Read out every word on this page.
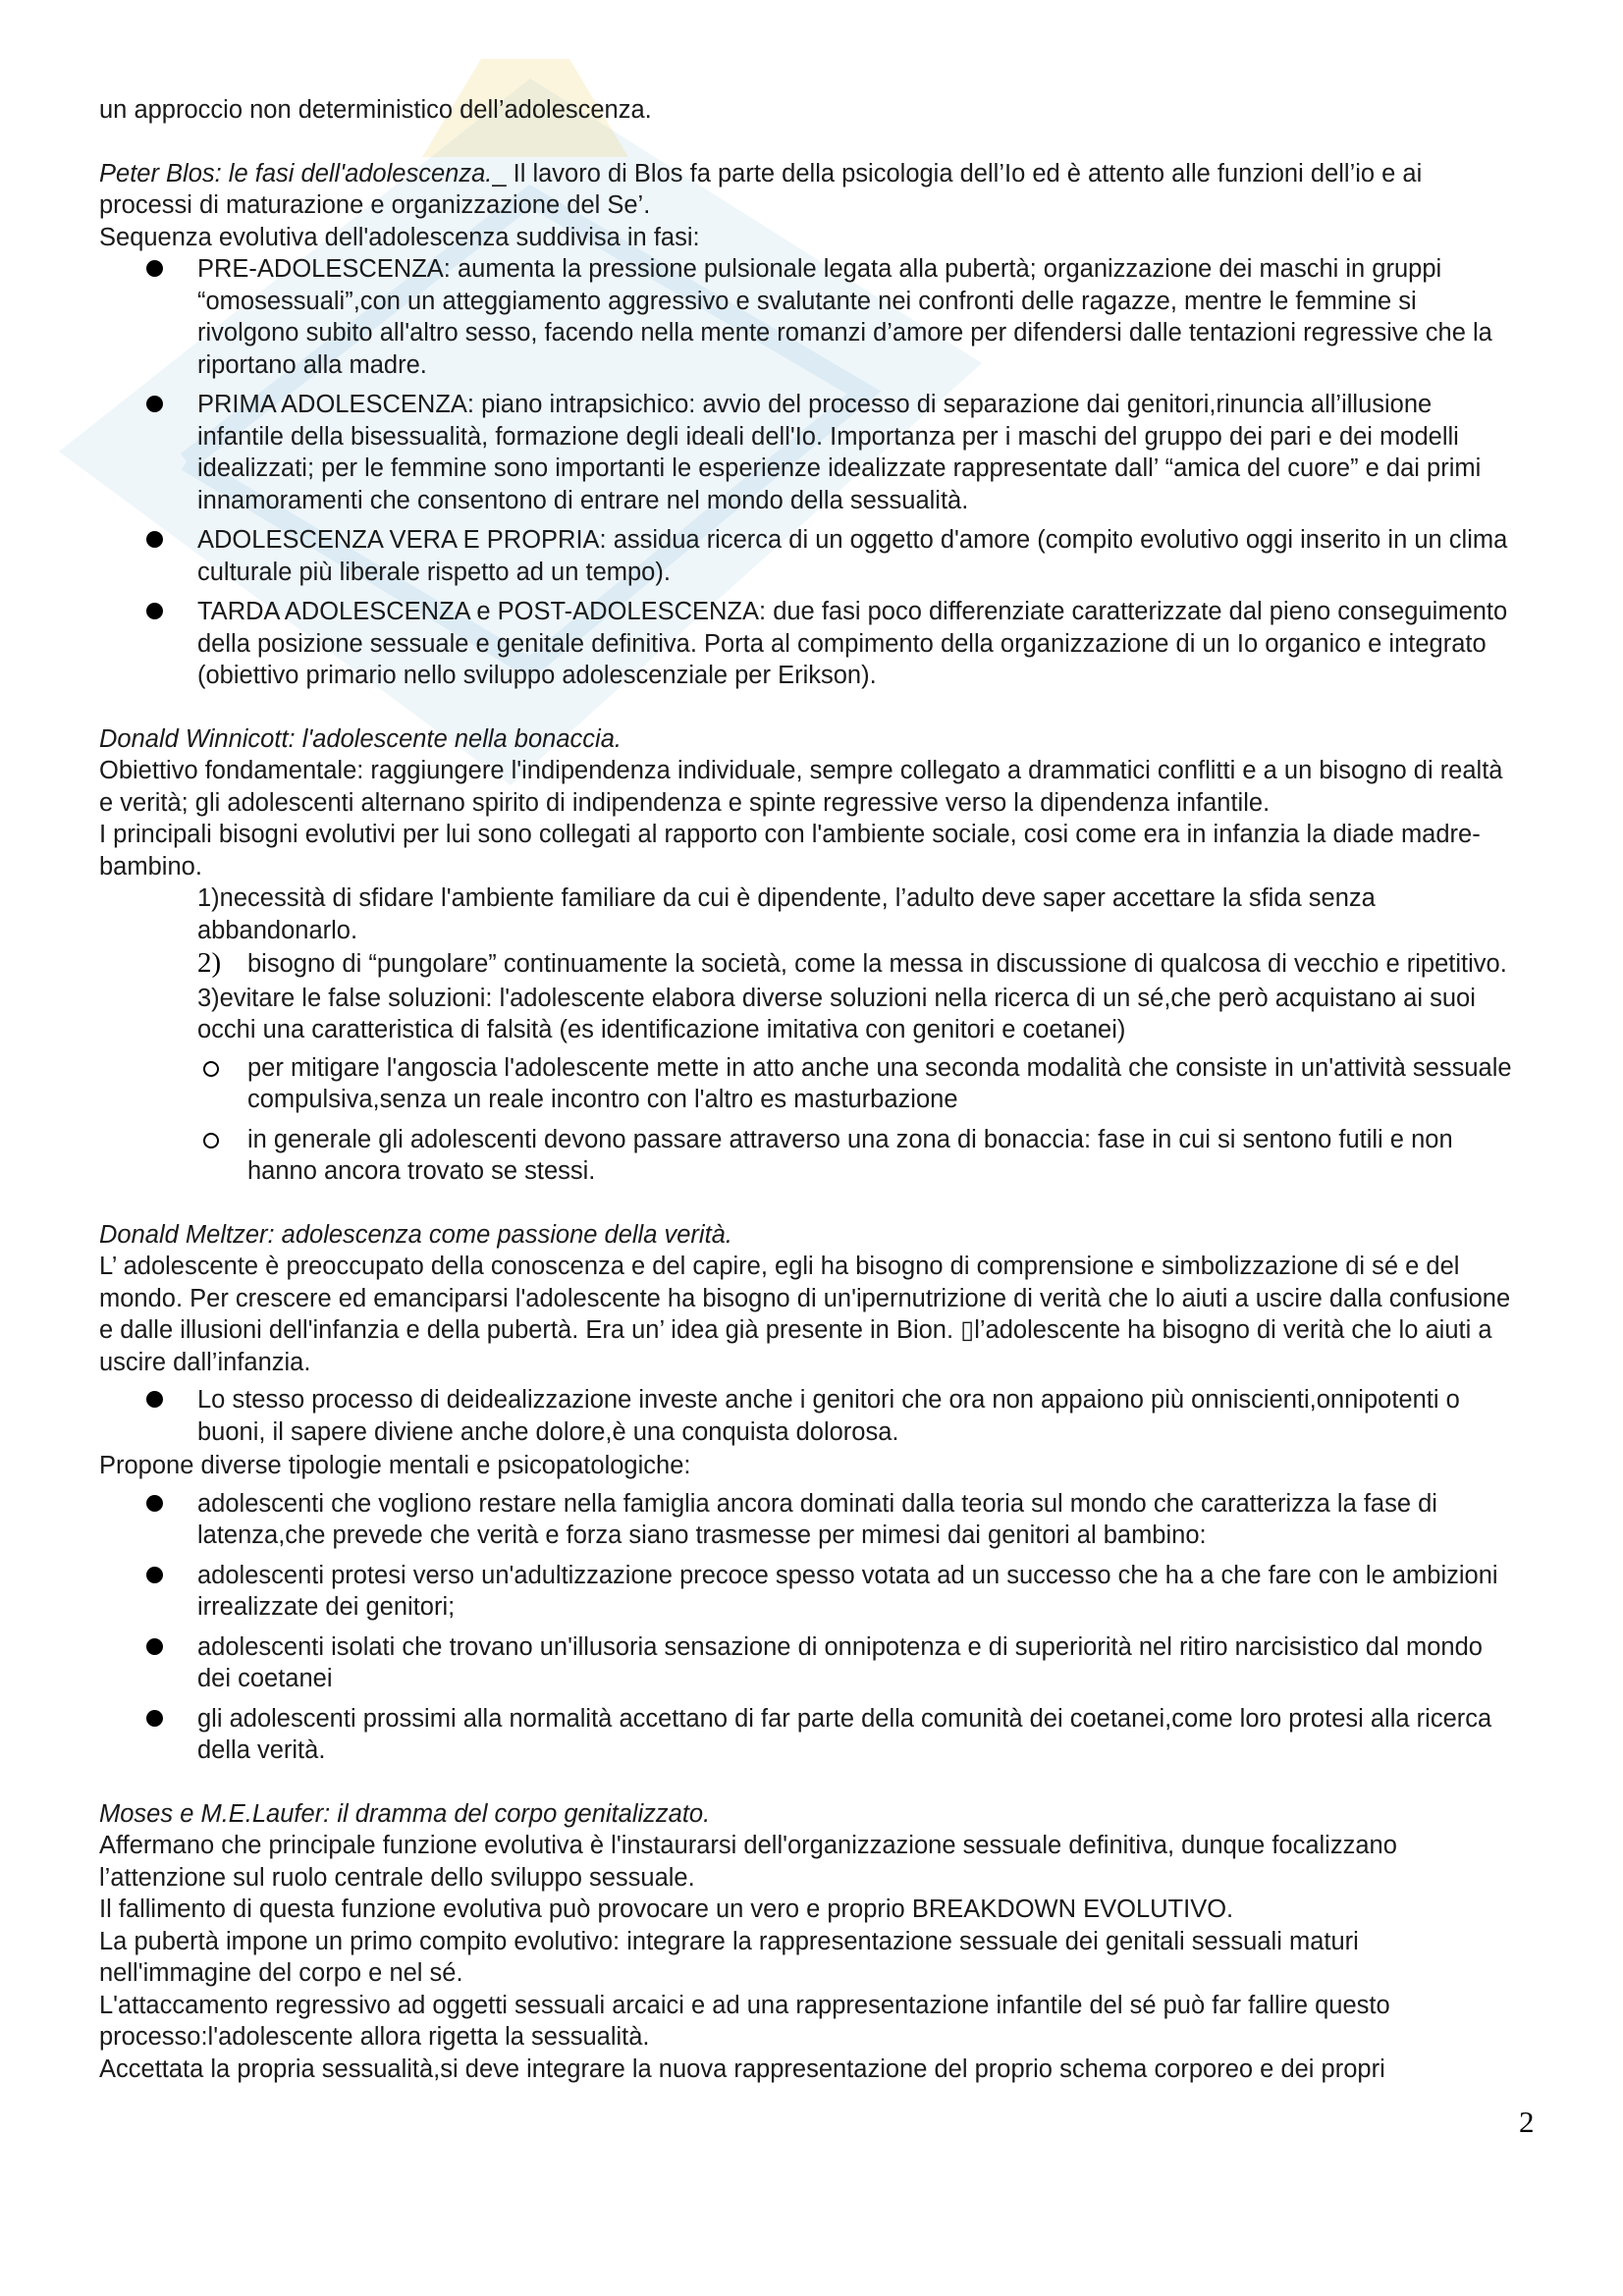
un approccio non deterministico dell’adolescenza.

Peter Blos: le fasi dell'adolescenza._ Il lavoro di Blos fa parte della psicologia dell’Io ed è attento alle funzioni dell’io e ai processi di maturazione e organizzazione del Se’.

Sequenza evolutiva dell'adolescenza suddivisa in fasi:

PRE-ADOLESCENZA: aumenta la pressione pulsionale legata alla pubertà; organizzazione dei maschi in gruppi “omosessuali”,con un atteggiamento aggressivo e svalutante nei confronti delle ragazze, mentre le femmine si rivolgono subito all'altro sesso, facendo nella mente romanzi d’amore per difendersi dalle tentazioni regressive che la riportano alla madre.
PRIMA ADOLESCENZA: piano intrapsichico: avvio del processo di separazione dai genitori,rinuncia all’illusione infantile della bisessualità, formazione degli ideali dell'Io. Importanza per i maschi del gruppo dei pari e dei modelli idealizzati; per le femmine sono importanti le esperienze idealizzate rappresentate dall’ “amica del cuore” e dai primi innamoramenti che consentono di entrare nel mondo della sessualità.
ADOLESCENZA VERA E PROPRIA: assidua ricerca di un oggetto d'amore (compito evolutivo oggi inserito in un clima culturale più liberale rispetto ad un tempo).
TARDA ADOLESCENZA e POST-ADOLESCENZA: due fasi poco differenziate caratterizzate dal pieno conseguimento della posizione sessuale e genitale definitiva. Porta al compimento della organizzazione di un Io organico e integrato (obiettivo primario nello sviluppo adolescenziale per Erikson).

Donald Winnicott: l'adolescente nella bonaccia.

Obiettivo fondamentale: raggiungere l'indipendenza individuale, sempre collegato a drammatici conflitti e a un bisogno di realtà e verità; gli adolescenti alternano spirito di indipendenza e spinte regressive verso la dipendenza infantile.

I principali bisogni evolutivi per lui sono collegati al rapporto con l'ambiente sociale, cosi come era in infanzia la diade madre-bambino.

1)necessità di sfidare l'ambiente familiare da cui è dipendente, l’adulto deve saper accettare la sfida senza abbandonarlo.

2) bisogno di “pungolare” continuamente la società, come la messa in discussione di qualcosa di vecchio e ripetitivo.

3)evitare le false soluzioni: l'adolescente elabora diverse soluzioni nella ricerca di un sé,che però acquistano ai suoi occhi una caratteristica di falsità (es identificazione imitativa con genitori e coetanei)

per mitigare l'angoscia l'adolescente mette in atto anche una seconda modalità che consiste in un'attività sessuale compulsiva,senza un reale incontro con l'altro es masturbazione
in generale gli adolescenti devono passare attraverso una zona di bonaccia: fase in cui si sentono futili e non hanno ancora trovato se stessi.

Donald Meltzer: adolescenza come passione della verità.

L’ adolescente è preoccupato della conoscenza e del capire, egli ha bisogno di comprensione e simbolizzazione di sé e del mondo. Per crescere ed emanciparsi l'adolescente ha bisogno di un'ipernutrizione di verità che lo aiuti a uscire dalla confusione e dalle illusioni dell'infanzia e della pubertà. Era un’ idea già presente in Bion. ▯l’adolescente ha bisogno di verità che lo aiuti a uscire dall’infanzia.

Lo stesso processo di deidealizzazione investe anche i genitori che ora non appaiono più onniscienti,onnipotenti o buoni, il sapere diviene anche dolore,è una conquista dolorosa.

Propone diverse tipologie mentali e psicopatologiche:

adolescenti che vogliono restare nella famiglia ancora dominati dalla teoria sul mondo che caratterizza la fase di latenza,che prevede che verità e forza siano trasmesse per mimesi dai genitori al bambino:
adolescenti protesi verso un'adultizzazione precoce spesso votata ad un successo che ha a che fare con le ambizioni irrealizzate dei genitori;
adolescenti isolati che trovano un'illusoria sensazione di onnipotenza e di superiorità nel ritiro narcisistico dal mondo dei coetanei
gli adolescenti prossimi alla normalità accettano di far parte della comunità dei coetanei,come loro protesi alla ricerca della verità.

Moses e M.E.Laufer: il dramma del corpo genitalizzato.

Affermano che principale funzione evolutiva è l'instaurarsi dell'organizzazione sessuale definitiva, dunque focalizzano l’attenzione sul ruolo centrale dello sviluppo sessuale.

Il fallimento di questa funzione evolutiva può provocare un vero e proprio BREAKDOWN EVOLUTIVO.

La pubertà impone un primo compito evolutivo: integrare la rappresentazione sessuale dei genitali sessuali maturi nell'immagine del corpo e nel sé.

L'attaccamento regressivo ad oggetti sessuali arcaici e ad una rappresentazione infantile del sé può far fallire questo processo:l'adolescente allora rigetta la sessualità.

Accettata la propria sessualità,si deve integrare la nuova rappresentazione del proprio schema corporeo e dei propri

2
